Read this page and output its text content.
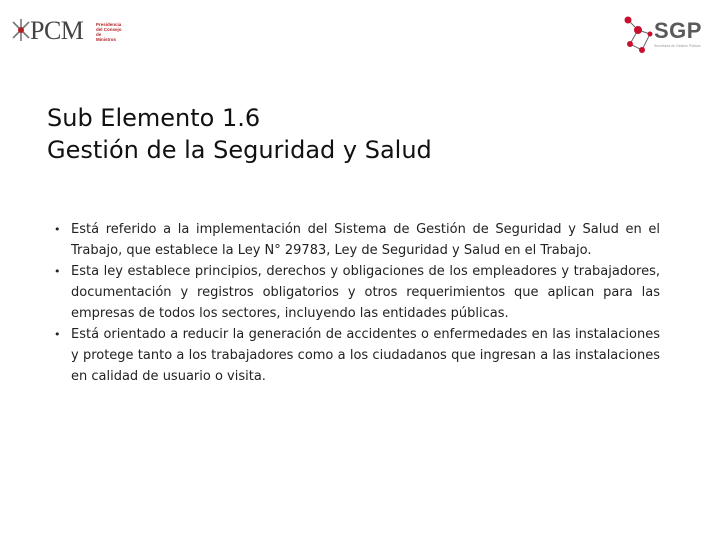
PCM	Presidencia del Consejo de Ministros	SGP
Secretaría de Gestión Pública
Sub Elemento 1.6
Gestión de la Seguridad y Salud
• Está referido a la implementación del Sistema de Gestión de Seguridad y Salud en el Trabajo, que establece la Ley N° 29783, Ley de Seguridad y Salud en el Trabajo.
• Esta ley establece principios, derechos y obligaciones de los empleadores y trabajadores, documentación y registros obligatorios y otros requerimientos que aplican para las empresas de todos los sectores, incluyendo las entidades públicas.
• Está orientado a reducir la generación de accidentes o enfermedades en las instalaciones y protege tanto a los trabajadores como a los ciudadanos que ingresan a las instalaciones en calidad de usuario o visita.
